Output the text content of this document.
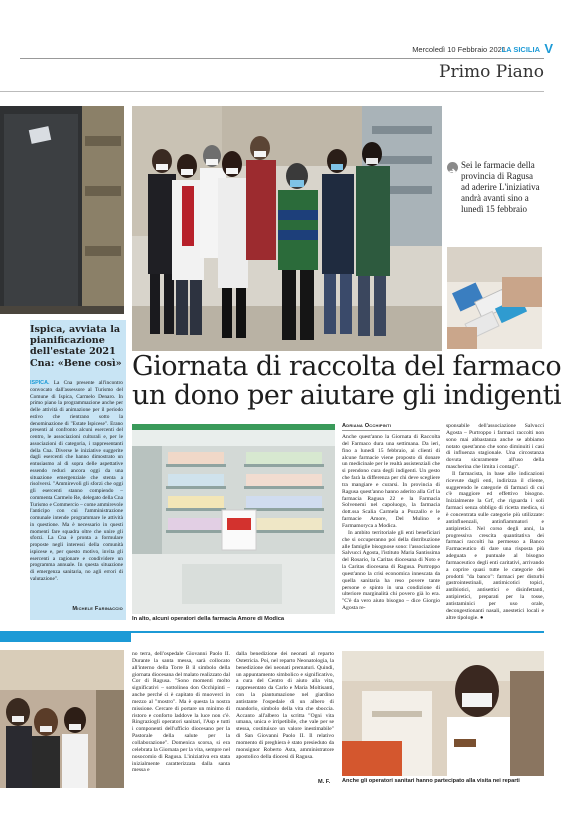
Mercoledì 10 Febbraio 2021
LA SICILIA V
Primo Piano
Sei le farmacie della provincia di Ragusa ad aderire L'iniziativa andrà avanti sino a lunedì 15 febbraio
Ispica, avviata la pianificazione dell'estate 2021 Cna: «Bene così»
ISPICA. La Cna presente all'incontro convocato dall'assessore al Turismo del Comune di Ispica, Carmelo Denaro. In primo piano la programmazione anche per delle attività di animazione per il periodo estivo che rientrano sotto la denominazione di "Estate Ispicese". Erano presenti al confronto alcuni esercenti del centro, le associazioni culturali e, per le associazioni di categoria, i rappresentanti della Cna. Diverse le iniziative suggerite dagli esercenti che hanno dimostrato un entusiasmo al di sopra delle aspettative essendo reduci ancora oggi da una situazione emergenziale che stenta a risolversi. "Ammirevoli gli sforzi che oggi gli esercenti stanno compiendo – commenta Carmelo Re, delegato della Cna Turismo e Commercio – come ammirevole l'anticipo con cui l'amministrazione comunale intende programmare le attività in questione. Ma è necessario in questi momenti fare squadra oltre che unire gli sforzi. La Cna è pronta a formulare proposte negli interessi della comunità ispicese e, per questo motivo, invita gli esercenti a ragionare e condividere un programma annuale. In questa situazione di emergenza sanitaria, no agli errori di valutazione".
Michele Farinaccio
Giornata di raccolta del farmaco
un dono per aiutare gli indigenti
In alto, alcuni operatori della farmacia Amore di Modica
Adriana Occhipinti

Anche quest'anno la Giornata di Raccolta del Farmaco dura una settimana. Da ieri, fino a lunedì 15 febbraio, ai clienti di alcune farmacie viene proposto di donare un medicinale per le realtà assistenziali che si prendono cura degli indigenti. Un gesto che farà la differenza per chi deve scegliere tra mangiare e curarsi. In provincia di Ragusa quest'anno hanno aderito alla Grf la farmacia Ragusa 22 e la Farmacia Solvenemi nel capoluogo, la farmacia dott.ssa Scalia Carmela a Pozzallo e le farmacie Amore, Del Mulino e Farmamoryca a Modica.

In ambito territoriale gli enti beneficiari che si occuperanno poi della distribuzione alle famiglie bisognose sono: l'associazione Salvucci Agosta, l'istituto Maria Santissima del Rosario, la Caritas diocesana di Noto e la Caritas diocesana di Ragusa. Purtroppo quest'anno la crisi economica innescata da quella sanitaria ha reso povere tante persone e spinto in una condizione di ulteriore marginalità chi povero già lo era. "C'è da vero aiuto bisogno – dice Giorgio Agosta re-

sponsabile dell'associazione Salvucci Agosta – Purtroppo i farmaci raccolti non sono mai abbastanza anche se abbiamo notato quest'anno che sono diminuiti i casi di influenza stagionale. Una circostanza dovuta sicuramente all'uso della mascherina che limita i contagi".

Il farmacista, in base alle indicazioni ricevute dagli enti, indirizza il cliente, suggerendo le categorie di farmaci di cui c'è maggiore ed effettivo bisogno. Inizialmente la Grf, che riguarda i soli farmaci senza obbligo di ricetta medica, si è concentrata sulle categorie più utilizzate: antinfluenzali, antinfiammatori e antipiretici. Nel corso degli anni, la progressiva crescita quantitativa dei farmaci raccolti ha permesso a Banco Farmaceutico di dare una risposta più adeguata e puntuale al bisogno farmaceutico degli enti caritativi, arrivando a coprire quasi tutte le categorie dei prodotti "da banco": farmaci per disturbi gastrointestinali, antimicotici topici, antibiotici, antisettici e disinfettanti, antipiretici, preparati per la tosse, antistaminici per uso orale, decongestionanti nasali, anestetici locali e altre tipologie. ●

no terra, dell'ospedale Giovanni Paolo II. Durante la santa messa, sarà collocato all'interno della Torre B il simbolo della giornata diocesana del malato realizzato dal Cor di Ragusa. "Sono momenti molto significativi – sottolinea don Occhipinti – anche perché ci è capitato di muoverci in mezzo al "mostro". Ma è questa la nostra missione. Cercare di portare un minimo di ristoro e conforto laddove la luce non c'è. Ringraziogli operatori sanitari, l'Asp e tutti i componenti dell'ufficio diocesano per la Pastorale della salute per la collaborazione". Domenica scorsa, si era celebrata la Giornata per la vita, sempre nel nosocomio di Ragusa. L'iniziativa era stata inizialmente caratterizzata dalla santa messa e

dalla benedizione dei neonati al reparto Ostetricia. Poi, nel reparto Neonatologia, la benedizione dei neonati prematuri. Quindi, un appuntamento simbolico e significativo, a cura del Centro di aiuto alla vita, rappresentato da Carlo e Maria Moltisanti, con la piantumazione nel giardino antistante l'ospedale di un albero di mandorlo, simbolo della vita che sboccia. Accanto all'albero la scritta "Ogni vita umana, unica e irripetibile, che vale per se stessa, costituisce un valore inestimabile" di San Giovanni Paolo II. Il relativo momento di preghiera è stato presieduto da monsignor Roberto Asta, amministratore apostolico della diocesi di Ragusa.

M. F. Anche gli operatori sanitari hanno partecipato alla visita nei reparti
